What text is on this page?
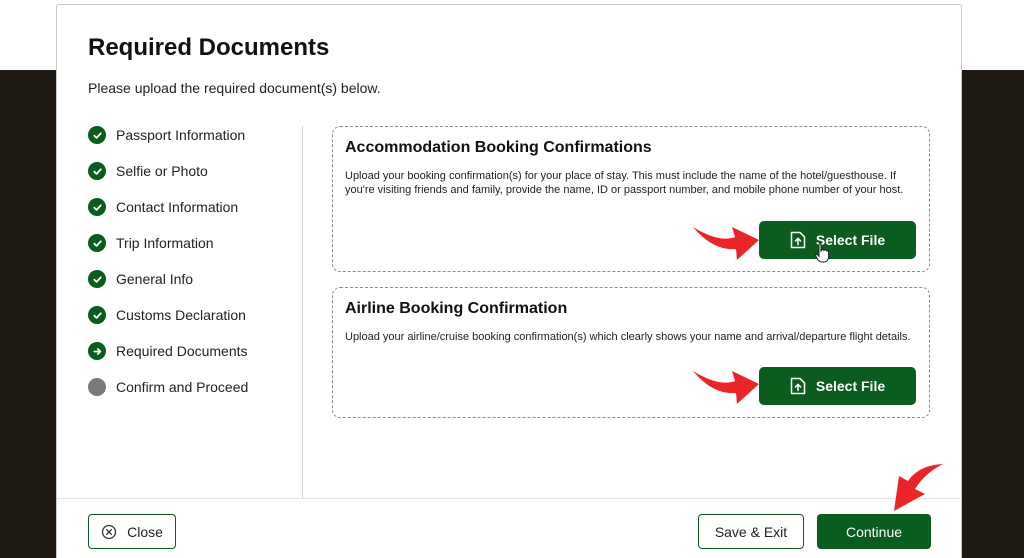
Required Documents

Please upload the required document(s) below.

Passport Information
Selfie or Photo
Contact Information
Trip Information
General Info
Customs Declaration
Required Documents
Confirm and Proceed
Accommodation Booking Confirmations

Upload your booking confirmation(s) for your place of stay. This must include the name of the hotel/guesthouse. If you're visiting friends and family, provide the name, ID or passport number, and mobile phone number of your host.

Select File
Airline Booking Confirmation

Upload your airline/cruise booking confirmation(s) which clearly shows your name and arrival/departure flight details.

Select File
Close	Save & Exit	Continue
